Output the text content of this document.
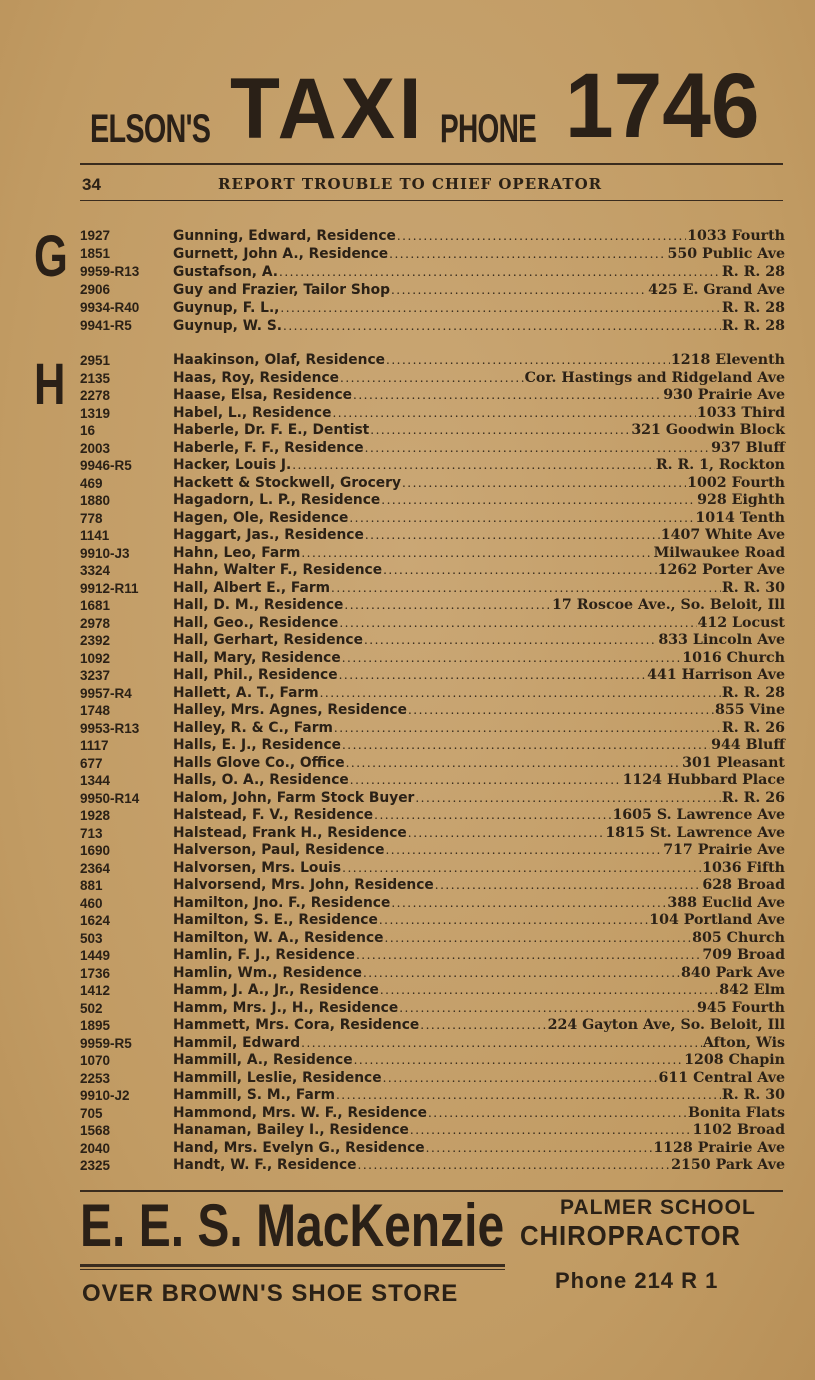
ELSON'S TAXI PHONE 1746
34	REPORT TROUBLE TO CHIEF OPERATOR
G
H
1927	Gunning, Edward, Residence .....	1033 Fourth
1851	Gurnett, John A., Residence .....	550 Public Ave
9959-R13	Gustafson, A. .....	R. R. 28
2906	Guy and Frazier, Tailor Shop .....	425 E. Grand Ave
9934-R40	Guynup, F. L., .....	R. R. 28
9941-R5	Guynup, W. S. .....	R. R. 28
2951	Haakinson, Olaf, Residence .....	1218 Eleventh
2135	Haas, Roy, Residence .....	Cor. Hastings and Ridgeland Ave
2278	Haase, Elsa, Residence .....	930 Prairie Ave
1319	Habel, L., Residence .....	1033 Third
16	Haberle, Dr. F. E., Dentist .....	321 Goodwin Block
2003	Haberle, F. F., Residence .....	937 Bluff
9946-R5	Hacker, Louis J. .....	R. R. 1, Rockton
469	Hackett & Stockwell, Grocery .....	1002 Fourth
1880	Hagadorn, L. P., Residence .....	928 Eighth
778	Hagen, Ole, Residence .....	1014 Tenth
1141	Haggart, Jas., Residence .....	1407 White Ave
9910-J3	Hahn, Leo, Farm .....	Milwaukee Road
3324	Hahn, Walter F., Residence .....	1262 Porter Ave
9912-R11	Hall, Albert E., Farm .....	R. R. 30
1681	Hall, D. M., Residence .....	17 Roscoe Ave., So. Beloit, Ill
2978	Hall, Geo., Residence .....	412 Locust
2392	Hall, Gerhart, Residence .....	833 Lincoln Ave
1092	Hall, Mary, Residence .....	1016 Church
3237	Hall, Phil., Residence .....	441 Harrison Ave
9957-R4	Hallett, A. T., Farm .....	R. R. 28
1748	Halley, Mrs. Agnes, Residence .....	855 Vine
9953-R13	Halley, R. & C., Farm .....	R. R. 26
1117	Halls, E. J., Residence .....	944 Bluff
677	Halls Glove Co., Office .....	301 Pleasant
1344	Halls, O. A., Residence .....	1124 Hubbard Place
9950-R14	Halom, John, Farm Stock Buyer .....	R. R. 26
1928	Halstead, F. V., Residence .....	1605 S. Lawrence Ave
713	Halstead, Frank H., Residence .....	1815 St. Lawrence Ave
1690	Halverson, Paul, Residence .....	717 Prairie Ave
2364	Halvorsen, Mrs. Louis .....	1036 Fifth
881	Halvorsend, Mrs. John, Residence .....	628 Broad
460	Hamilton, Jno. F., Residence .....	388 Euclid Ave
1624	Hamilton, S. E., Residence .....	104 Portland Ave
503	Hamilton, W. A., Residence .....	805 Church
1449	Hamlin, F. J., Residence .....	709 Broad
1736	Hamlin, Wm., Residence .....	840 Park Ave
1412	Hamm, J. A., Jr., Residence .....	842 Elm
502	Hamm, Mrs. J., H., Residence .....	945 Fourth
1895	Hammett, Mrs. Cora, Residence .....	224 Gayton Ave, So. Beloit, Ill
9959-R5	Hammil, Edward .....	Afton, Wis
1070	Hammill, A., Residence .....	1208 Chapin
2253	Hammill, Leslie, Residence .....	611 Central Ave
9910-J2	Hammill, S. M., Farm .....	R. R. 30
705	Hammond, Mrs. W. F., Residence .....	Bonita Flats
1568	Hanaman, Bailey I., Residence .....	1102 Broad
2040	Hand, Mrs. Evelyn G., Residence .....	1128 Prairie Ave
2325	Handt, W. F., Residence .....	2150 Park Ave
E. E. S. MacKenzie
OVER BROWN'S SHOE STORE
PALMER SCHOOL
CHIROPRACTOR
Phone 214 R 1
